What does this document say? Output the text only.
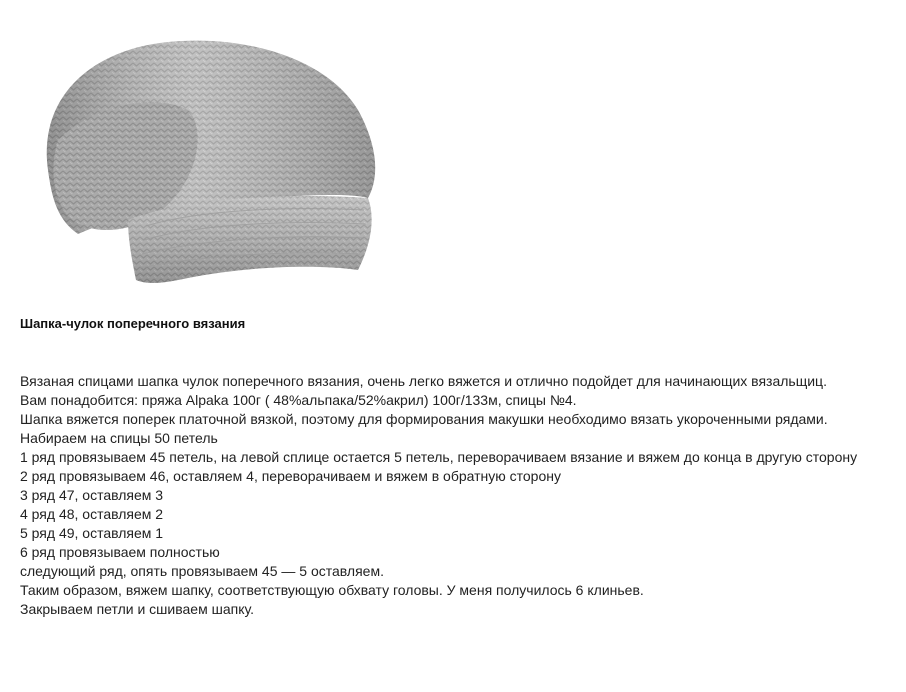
Шапка-чулок поперечного вязания
Вязаная спицами шапка чулок поперечного вязания, очень легко вяжется и отлично подойдет для начинающих вязальщиц.
Вам понадобится: пряжа Alpaka 100г ( 48%альпака/52%акрил) 100г/133м, спицы №4.
Шапка вяжется поперек платочной вязкой, поэтому для формирования макушки необходимо вязать укороченными рядами.
Набираем на спицы 50 петель
1 ряд провязываем 45 петель, на левой сплице остается 5 петель, переворачиваем вязание и вяжем до конца в другую сторону
2 ряд провязываем 46, оставляем 4, переворачиваем и вяжем в обратную сторону
3 ряд 47, оставляем 3
4 ряд 48, оставляем 2
5 ряд 49, оставляем 1
6 ряд провязываем полностью
следующий ряд, опять провязываем 45 — 5 оставляем.
Таким образом, вяжем шапку, соответствующую обхвату головы. У меня получилось 6 клиньев.
Закрываем петли и сшиваем шапку.
